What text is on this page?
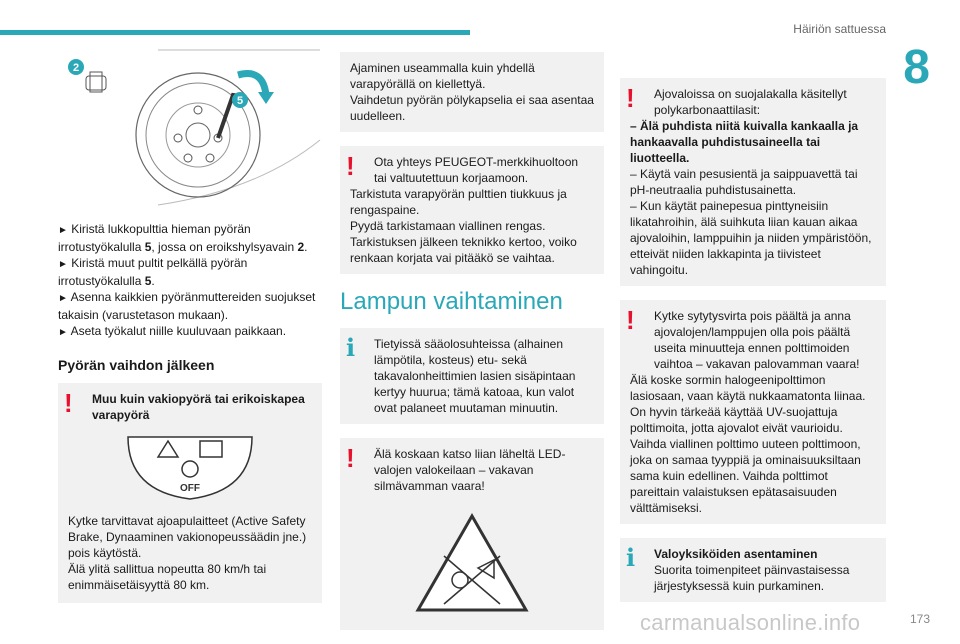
Häiriön sattuessa
8
2
5

► Kiristä lukkopulttia hieman pyörän irrotustyökalulla 5, jossa on eroikshylsyavain 2.

► Kiristä muut pultit pelkällä pyörän irrotustyökalulla 5.

► Asenna kaikkien pyöränmuttereiden suojukset takaisin (varustetason mukaan).

► Aseta työkalut niille kuuluvaan paikkaan.

Pyörän vaihdon jälkeen
!	Muu kuin vakiopyörä tai erikoiskapea varapyörä

OFF

Kytke tarvittavat ajoapulaitteet (Active Safety Brake, Dynaaminen vakionopeussäädin jne.) pois käytöstä.

Älä ylitä sallittua nopeutta 80 km/h tai enimmäisetäisyyttä 80 km.

Ajaminen useammalla kuin yhdellä varapyörällä on kiellettyä.

Vaihdetun pyörän pölykapselia ei saa asentaa uudelleen.

!	Ota yhteys PEUGEOT-merkkihuoltoon tai valtuutettuun korjaamoon.

Tarkistuta varapyörän pulttien tiukkuus ja rengaspaine.

Pyydä tarkistamaan viallinen rengas.

Tarkistuksen jälkeen teknikko kertoo, voiko renkaan korjata vai pitääkö se vaihtaa.

Lampun vaihtaminen
i	Tietyissä sääolosuhteissa (alhainen lämpötila, kosteus) etu- sekä takavalonheittimien lasien sisäpintaan kertyy huurua; tämä katoaa, kun valot ovat palaneet muutaman minuutin.

!	Älä koskaan katso liian läheltä LED-valojen valokeilaan – vakavan silmävamman vaara!

!	Ajovaloissa on suojalakalla käsitellyt polykarbonaattilasit:

– Älä puhdista niitä kuivalla kankaalla ja hankaavalla puhdistusaineella tai liuotteella.

– Käytä vain pesusientä ja saippuavettä tai pH-neutraalia puhdistusainetta.

– Kun käytät painepesua pinttyneisiin likatahroihin, älä suihkuta liian kauan aikaa ajovaloihin, lamppuihin ja niiden ympäristöön, etteivät niiden lakkapinta ja tiivisteet vahingoitu.

!	Kytke sytytysvirta pois päältä ja anna ajovalojen/lamppujen olla pois päältä useita minuutteja ennen polttimoiden vaihtoa – vakavan palovamman vaara!

Älä koske sormin halogeenipolttimon lasiosaan, vaan käytä nukkaamatonta liinaa.

On hyvin tärkeää käyttää UV-suojattuja polttimoita, jotta ajovalot eivät vaurioidu.

Vaihda viallinen polttimo uuteen polttimoon, joka on samaa tyyppiä ja ominaisuuksiltaan sama kuin edellinen. Vaihda polttimot pareittain valaistuksen epätasaisuuden välttämiseksi.

i	Valoyksiköiden asentaminen

Suorita toimenpiteet päinvastaisessa järjestyksessä kuin purkaminen.

carmanualsonline.info	173
